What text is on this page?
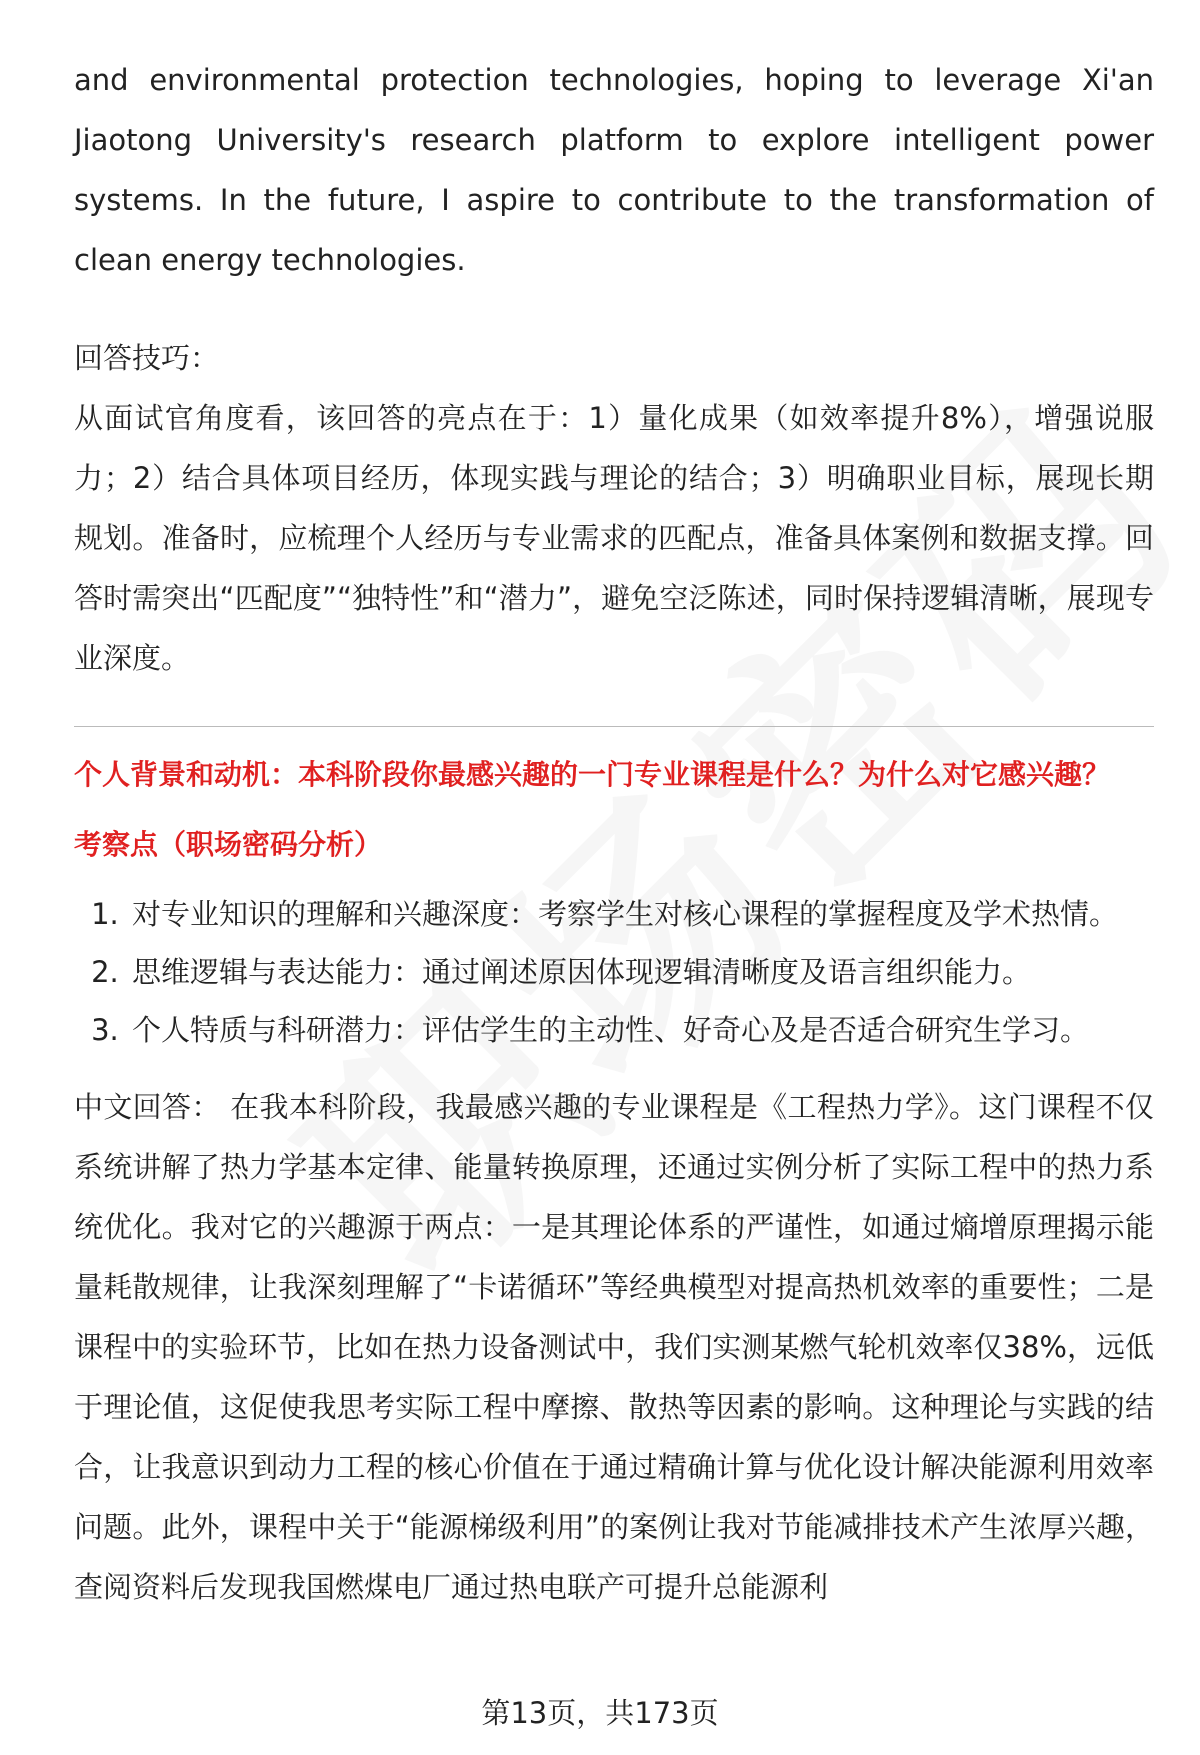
and environmental protection technologies, hoping to leverage Xi'an Jiaotong University's research platform to explore intelligent power systems. In the future, I aspire to contribute to the transformation of clean energy technologies.

回答技巧：

从面试官角度看，该回答的亮点在于：1）量化成果（如效率提升8%），增强说服力；2）结合具体项目经历，体现实践与理论的结合；3）明确职业目标，展现长期规划。准备时，应梳理个人经历与专业需求的匹配点，准备具体案例和数据支撑。回答时需突出“匹配度”“独特性”和“潜力”，避免空泛陈述，同时保持逻辑清晰，展现专业深度。

个人背景和动机：本科阶段你最感兴趣的一门专业课程是什么？为什么对它感兴趣？

考察点（职场密码分析）

1. 对专业知识的理解和兴趣深度：考察学生对核心课程的掌握程度及学术热情。
2. 思维逻辑与表达能力：通过阐述原因体现逻辑清晰度及语言组织能力。
3. 个人特质与科研潜力：评估学生的主动性、好奇心及是否适合研究生学习。

中文回答： 在我本科阶段，我最感兴趣的专业课程是《工程热力学》。这门课程不仅系统讲解了热力学基本定律、能量转换原理，还通过实例分析了实际工程中的热力系统优化。我对它的兴趣源于两点：一是其理论体系的严谨性，如通过熵增原理揭示能量耗散规律，让我深刻理解了“卡诺循环”等经典模型对提高热机效率的重要性；二是课程中的实验环节，比如在热力设备测试中，我们实测某燃气轮机效率仅38%，远低于理论值，这促使我思考实际工程中摩擦、散热等因素的影响。这种理论与实践的结合，让我意识到动力工程的核心价值在于通过精确计算与优化设计解决能源利用效率问题。此外，课程中关于“能源梯级利用”的案例让我对节能减排技术产生浓厚兴趣，查阅资料后发现我国燃煤电厂通过热电联产可提升总能源利

第13页，共173页
